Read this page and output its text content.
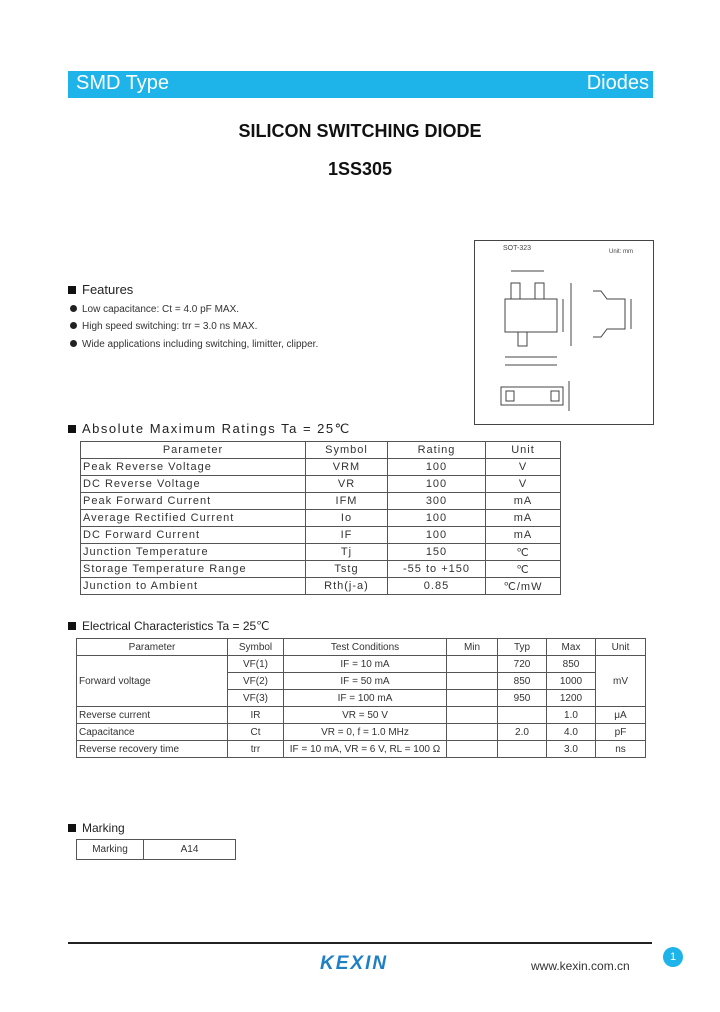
SMD Type	Diodes
SILICON SWITCHING DIODE
1SS305
Features
Low capacitance: Ct = 4.0 pF MAX.
High speed switching: trr = 3.0 ns MAX.
Wide applications including switching, limitter, clipper.
SOT-323	Unit: mm
Absolute Maximum Ratings Ta = 25℃
Parameter	Symbol	Rating	Unit
Peak Reverse Voltage	VRM	100	V
DC Reverse Voltage	VR	100	V
Peak Forward Current	IFM	300	mA
Average Rectified Current	Io	100	mA
DC Forward Current	IF	100	mA
Junction Temperature	Tj	150	℃
Storage Temperature Range	Tstg	-55 to +150	℃
Junction to Ambient	Rth(j-a)	0.85	℃/mW
Electrical Characteristics Ta = 25℃
Parameter	Symbol	Test Conditions	Min	Typ	Max	Unit
Forward voltage	VF(1)	IF = 10 mA		720	850	mV
	VF(2)	IF = 50 mA		850	1000	
	VF(3)	IF = 100 mA		950	1200	
Reverse current	IR	VR = 50 V			1.0	μA
Capacitance	Ct	VR = 0, f = 1.0 MHz		2.0	4.0	pF
Reverse recovery time	trr	IF = 10 mA, VR = 6 V, RL = 100 Ω			3.0	ns
Marking
Marking	A14
KEXIN	www.kexin.com.cn
1
